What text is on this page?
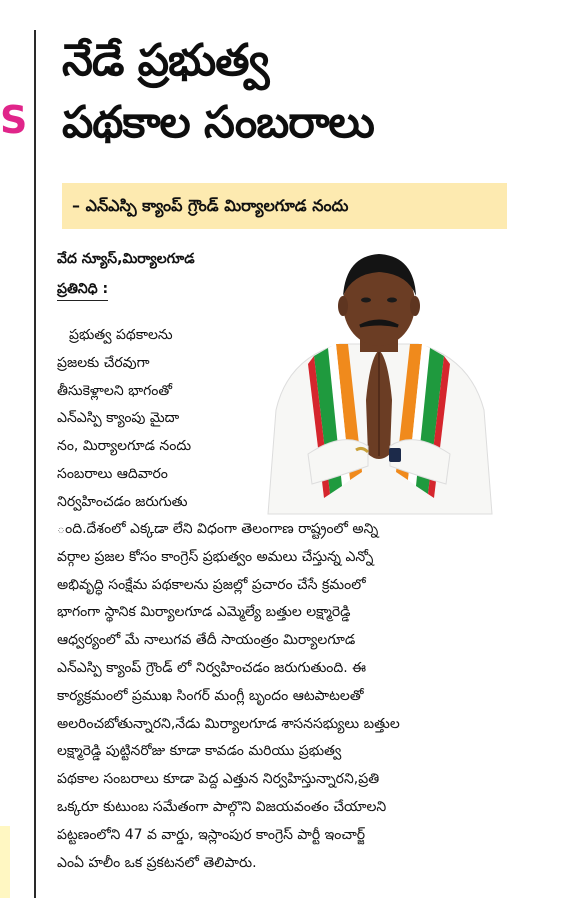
S
నేడే ప్రభుత్వ
పథకాల సంబరాలు
– ఎన్ఎస్పి క్యాంప్ గ్రౌండ్ మిర్యాలగూడ నందు
వేద న్యూస్,మిర్యాలగూడ
ప్రతినిధి :
ప్రభుత్వ పథకాలను
ప్రజలకు చేరవుగా
తీసుకెళ్లాలని భాగంతో
ఎన్ఎస్పి క్యాంపు మైదా
నం, మిర్యాలగూడ నందు
సంబరాలు ఆదివారం
నిర్వహించడం జరుగుతు
ంది.దేశంలో ఎక్కడా లేని విధంగా తెలంగాణ రాష్ట్రంలో అన్ని
వర్గాల ప్రజల కోసం కాంగ్రెస్ ప్రభుత్వం అమలు చేస్తున్న ఎన్నో
అభివృద్ధి సంక్షేమ పథకాలను ప్రజల్లో ప్రచారం చేసే క్రమంలో
భాగంగా స్థానిక మిర్యాలగూడ ఎమ్మెల్యే బత్తుల లక్ష్మారెడ్డి
ఆధ్వర్యంలో మే నాలుగవ తేదీ సాయంత్రం మిర్యాలగూడ
ఎన్ఎస్పి క్యాంప్ గ్రౌండ్ లో నిర్వహించడం జరుగుతుంది. ఈ
కార్యక్రమంలో ప్రముఖ సింగర్ మంగ్లీ బృందం ఆటపాటలతో
అలరించబోతున్నారని,నేడు మిర్యాలగూడ శాసనసభ్యులు బత్తుల
లక్ష్మారెడ్డి పుట్టినరోజు కూడా కావడం మరియు ప్రభుత్వ
పథకాల సంబరాలు కూడా పెద్ద ఎత్తున నిర్వహిస్తున్నారని,ప్రతి
ఒక్కరూ కుటుంబ సమేతంగా పాల్గొని విజయవంతం చేయాలని
పట్టణంలోని 47 వ వార్డు, ఇస్లాంపుర కాంగ్రెస్ పార్టీ ఇంచార్జ్
ఎంఏ హలీం ఒక ప్రకటనలో తెలిపారు.
